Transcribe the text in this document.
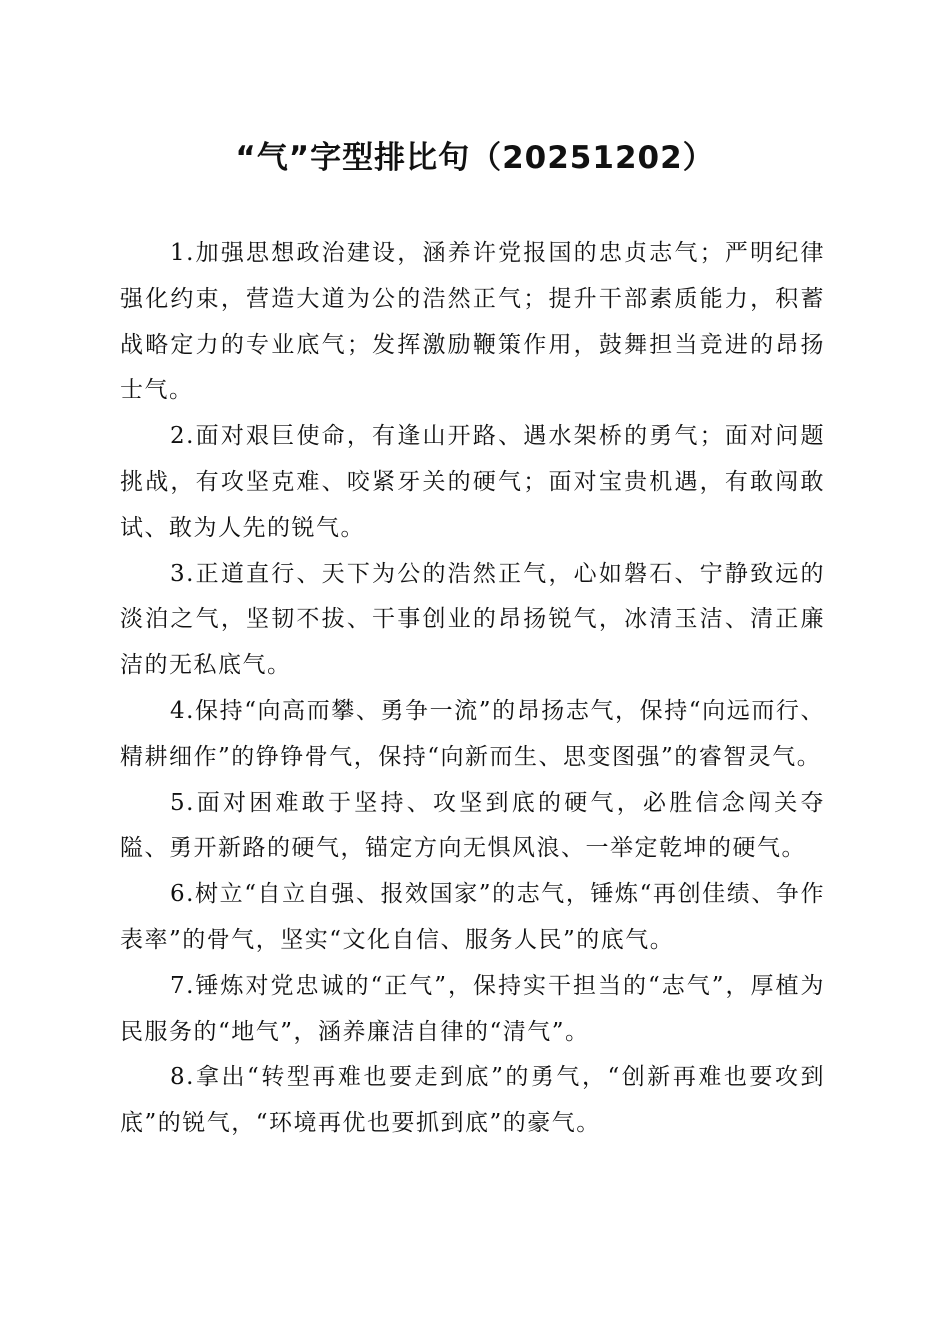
“气”字型排比句（20251202）

1.加强思想政治建设，涵养许党报国的忠贞志气；严明纪律强化约束，营造大道为公的浩然正气；提升干部素质能力，积蓄战略定力的专业底气；发挥激励鞭策作用，鼓舞担当竞进的昂扬士气。

2.面对艰巨使命，有逢山开路、遇水架桥的勇气；面对问题挑战，有攻坚克难、咬紧牙关的硬气；面对宝贵机遇，有敢闯敢试、敢为人先的锐气。

3.正道直行、天下为公的浩然正气，心如磐石、宁静致远的淡泊之气，坚韧不拔、干事创业的昂扬锐气，冰清玉洁、清正廉洁的无私底气。

4.保持“向高而攀、勇争一流”的昂扬志气，保持“向远而行、精耕细作”的铮铮骨气，保持“向新而生、思变图强”的睿智灵气。

5.面对困难敢于坚持、攻坚到底的硬气，必胜信念闯关夺隘、勇开新路的硬气，锚定方向无惧风浪、一举定乾坤的硬气。

6.树立“自立自强、报效国家”的志气，锤炼“再创佳绩、争作表率”的骨气，坚实“文化自信、服务人民”的底气。

7.锤炼对党忠诚的“正气”，保持实干担当的“志气”，厚植为民服务的“地气”，涵养廉洁自律的“清气”。

8.拿出“转型再难也要走到底”的勇气，“创新再难也要攻到底”的锐气，“环境再优也要抓到底”的豪气。
